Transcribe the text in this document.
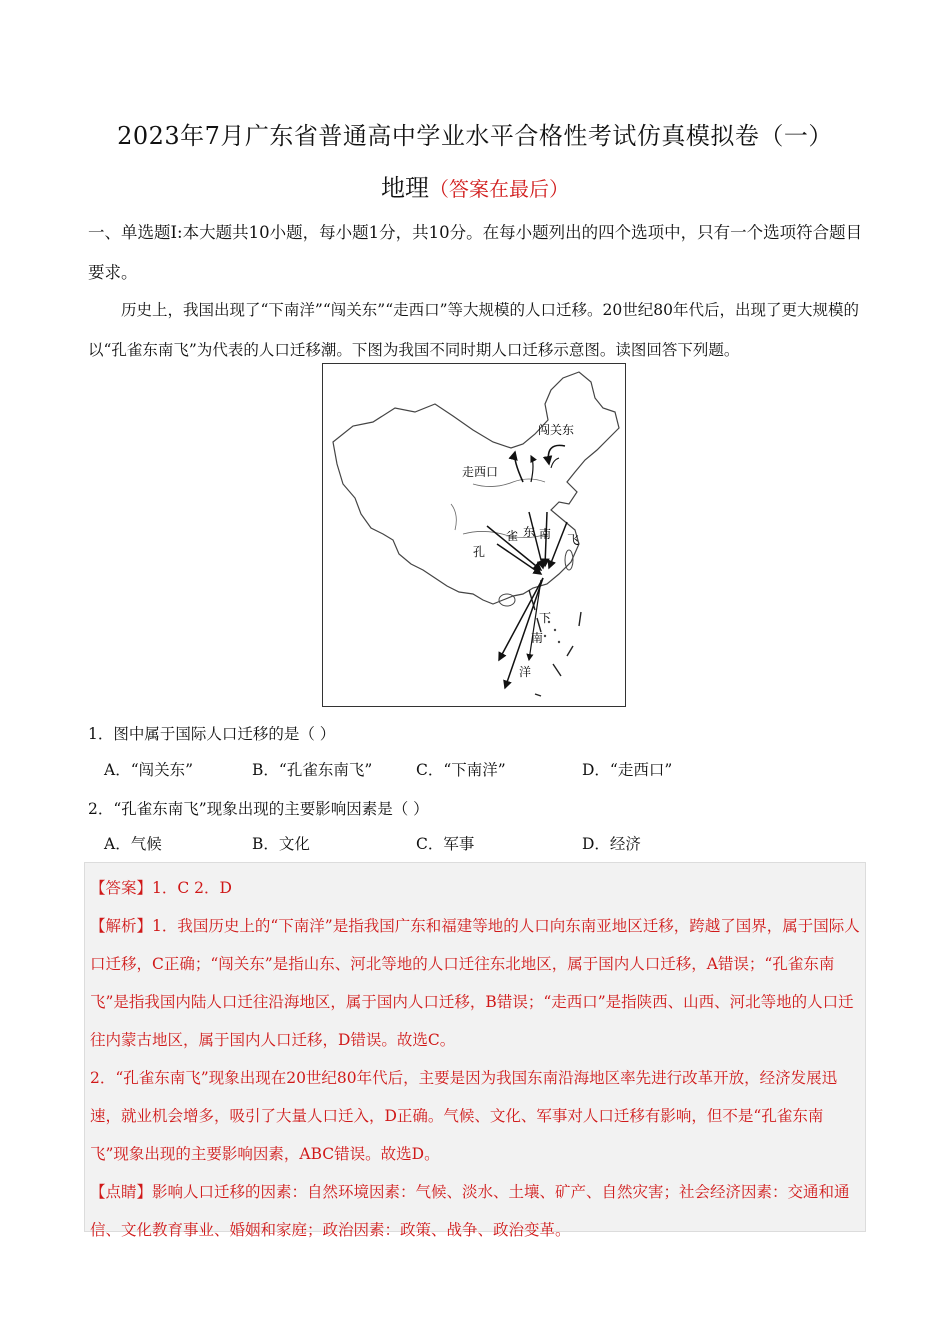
2023年7月广东省普通高中学业水平合格性考试仿真模拟卷（一）
地理（答案在最后）
一、单选题Ⅰ:本大题共10小题，每小题1分，共10分。在每小题列出的四个选项中，只有一个选项符合题目要求。
历史上，我国出现了“下南洋”“闯关东”“走西口”等大规模的人口迁移。20世纪80年代后，出现了更大规模的以“孔雀东南飞”为代表的人口迁移潮。下图为我国不同时期人口迁移示意图。读图回答下列题。
闯关东
走西口
孔
雀 东 南 飞
下
南
洋
1．图中属于国际人口迁移的是（ ）
A．“闯关东”	B．“孔雀东南飞”	C．“下南洋”	D．“走西口”
2．“孔雀东南飞”现象出现的主要影响因素是（ ）
A．气候	B．文化	C．军事	D．经济

【答案】1．C 2．D

【解析】1．我国历史上的“下南洋”是指我国广东和福建等地的人口向东南亚地区迁移，跨越了国界，属于国际人口迁移，C正确；“闯关东”是指山东、河北等地的人口迁往东北地区，属于国内人口迁移，A错误；“孔雀东南飞”是指我国内陆人口迁往沿海地区，属于国内人口迁移，B错误；“走西口”是指陕西、山西、河北等地的人口迁往内蒙古地区，属于国内人口迁移，D错误。故选C。

2．“孔雀东南飞”现象出现在20世纪80年代后，主要是因为我国东南沿海地区率先进行改革开放，经济发展迅速，就业机会增多，吸引了大量人口迁入，D正确。气候、文化、军事对人口迁移有影响，但不是“孔雀东南飞”现象出现的主要影响因素，ABC错误。故选D。

【点睛】影响人口迁移的因素：自然环境因素：气候、淡水、土壤、矿产、自然灾害；社会经济因素：交通和通信、文化教育事业、婚姻和家庭；政治因素：政策、战争、政治变革。
